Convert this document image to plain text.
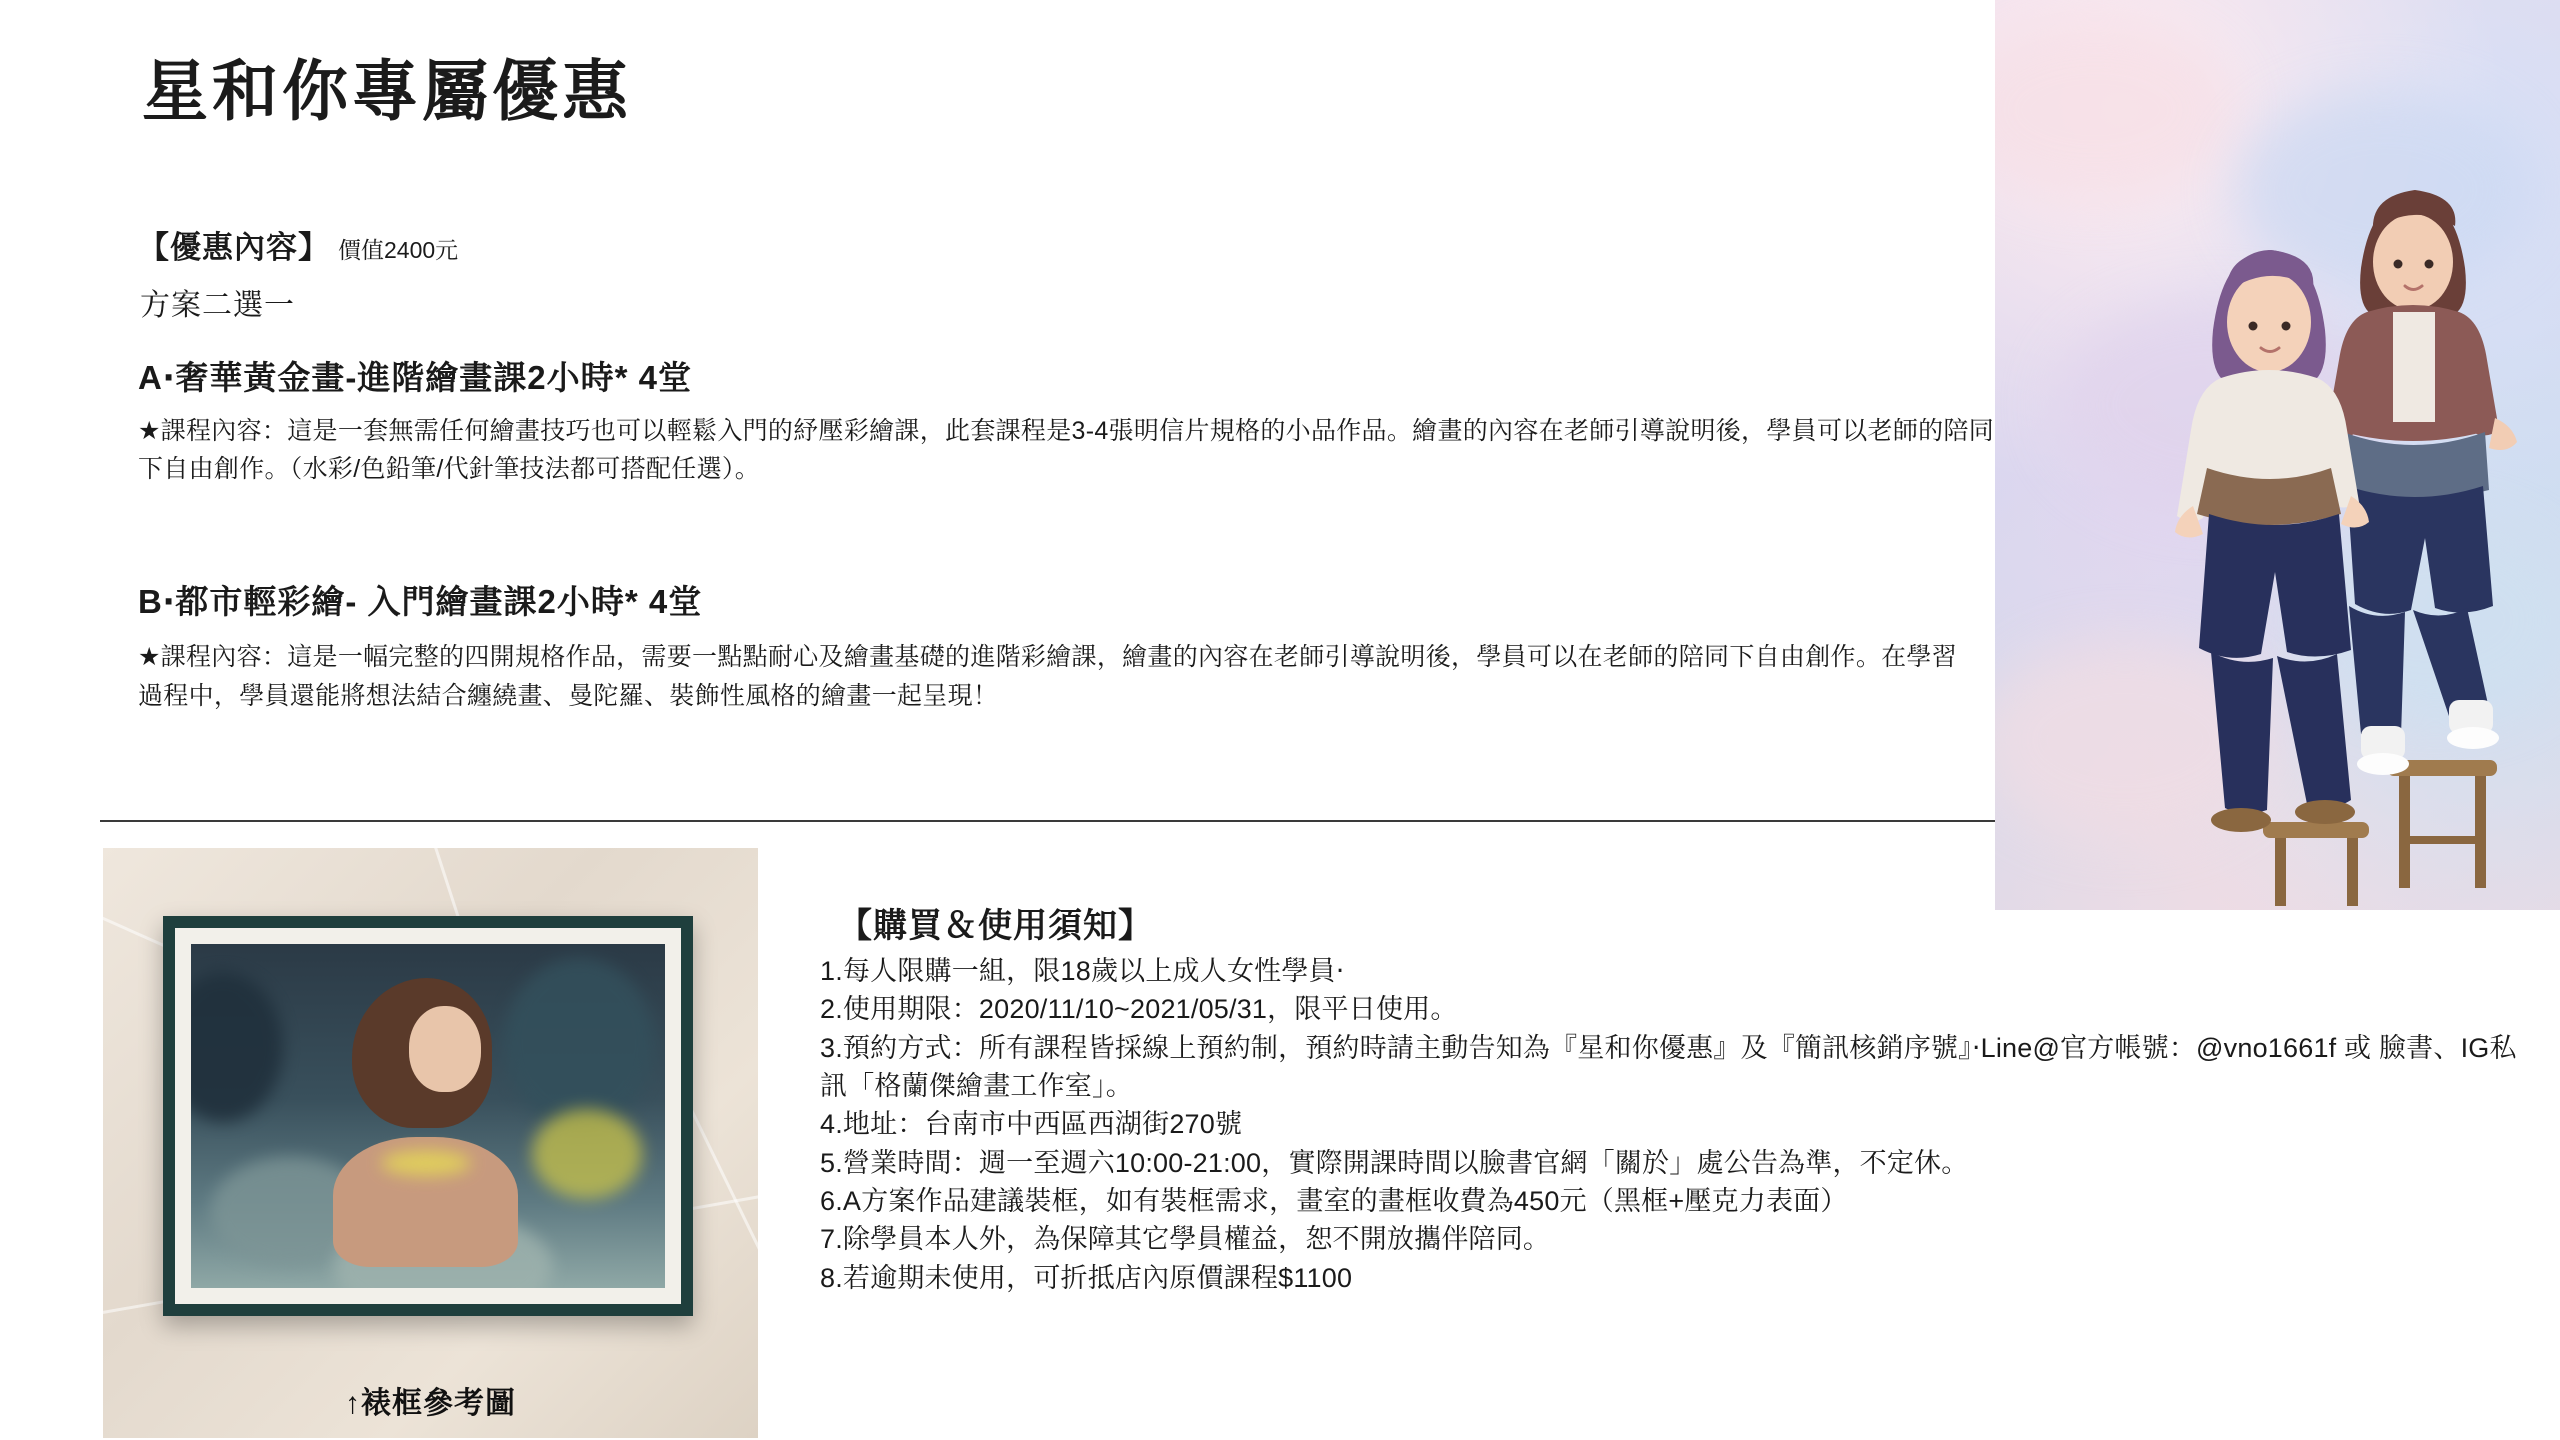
星和你專屬優惠
【優惠內容】 價值2400元
方案二選一
A‧奢華黃金畫-進階繪畫課2小時* 4堂
★課程內容：這是一套無需任何繪畫技巧也可以輕鬆入門的紓壓彩繪課，此套課程是3-4張明信片規格的小品作品。繪畫的內容在老師引導說明後，學員可以老師的陪同下自由創作。（水彩/色鉛筆/代針筆技法都可搭配任選）。
B‧都市輕彩繪- 入門繪畫課2小時* 4堂
★課程內容：這是一幅完整的四開規格作品，需要一點點耐心及繪畫基礎的進階彩繪課，繪畫的內容在老師引導說明後，學員可以在老師的陪同下自由創作。在學習過程中，學員還能將想法結合纏繞畫、曼陀羅、裝飾性風格的繪畫一起呈現！
↑裱框參考圖
【購買＆使用須知】
1.每人限購一組，限18歲以上成人女性學員‧
2.使用期限：2020/11/10~2021/05/31，限平日使用。
3.預約方式：所有課程皆採線上預約制，預約時請主動告知為『星和你優惠』及『簡訊核銷序號』‧Line@官方帳號：@vno1661f 或 臉書、IG私訊「格蘭傑繪畫工作室」。
4.地址：台南市中西區西湖街270號
5.營業時間：週一至週六10:00-21:00，實際開課時間以臉書官網「關於」處公告為準，不定休。
6.A方案作品建議裝框，如有裝框需求，畫室的畫框收費為450元（黑框+壓克力表面）
7.除學員本人外，為保障其它學員權益，恕不開放攜伴陪同。
8.若逾期未使用，可折抵店內原價課程$1100
